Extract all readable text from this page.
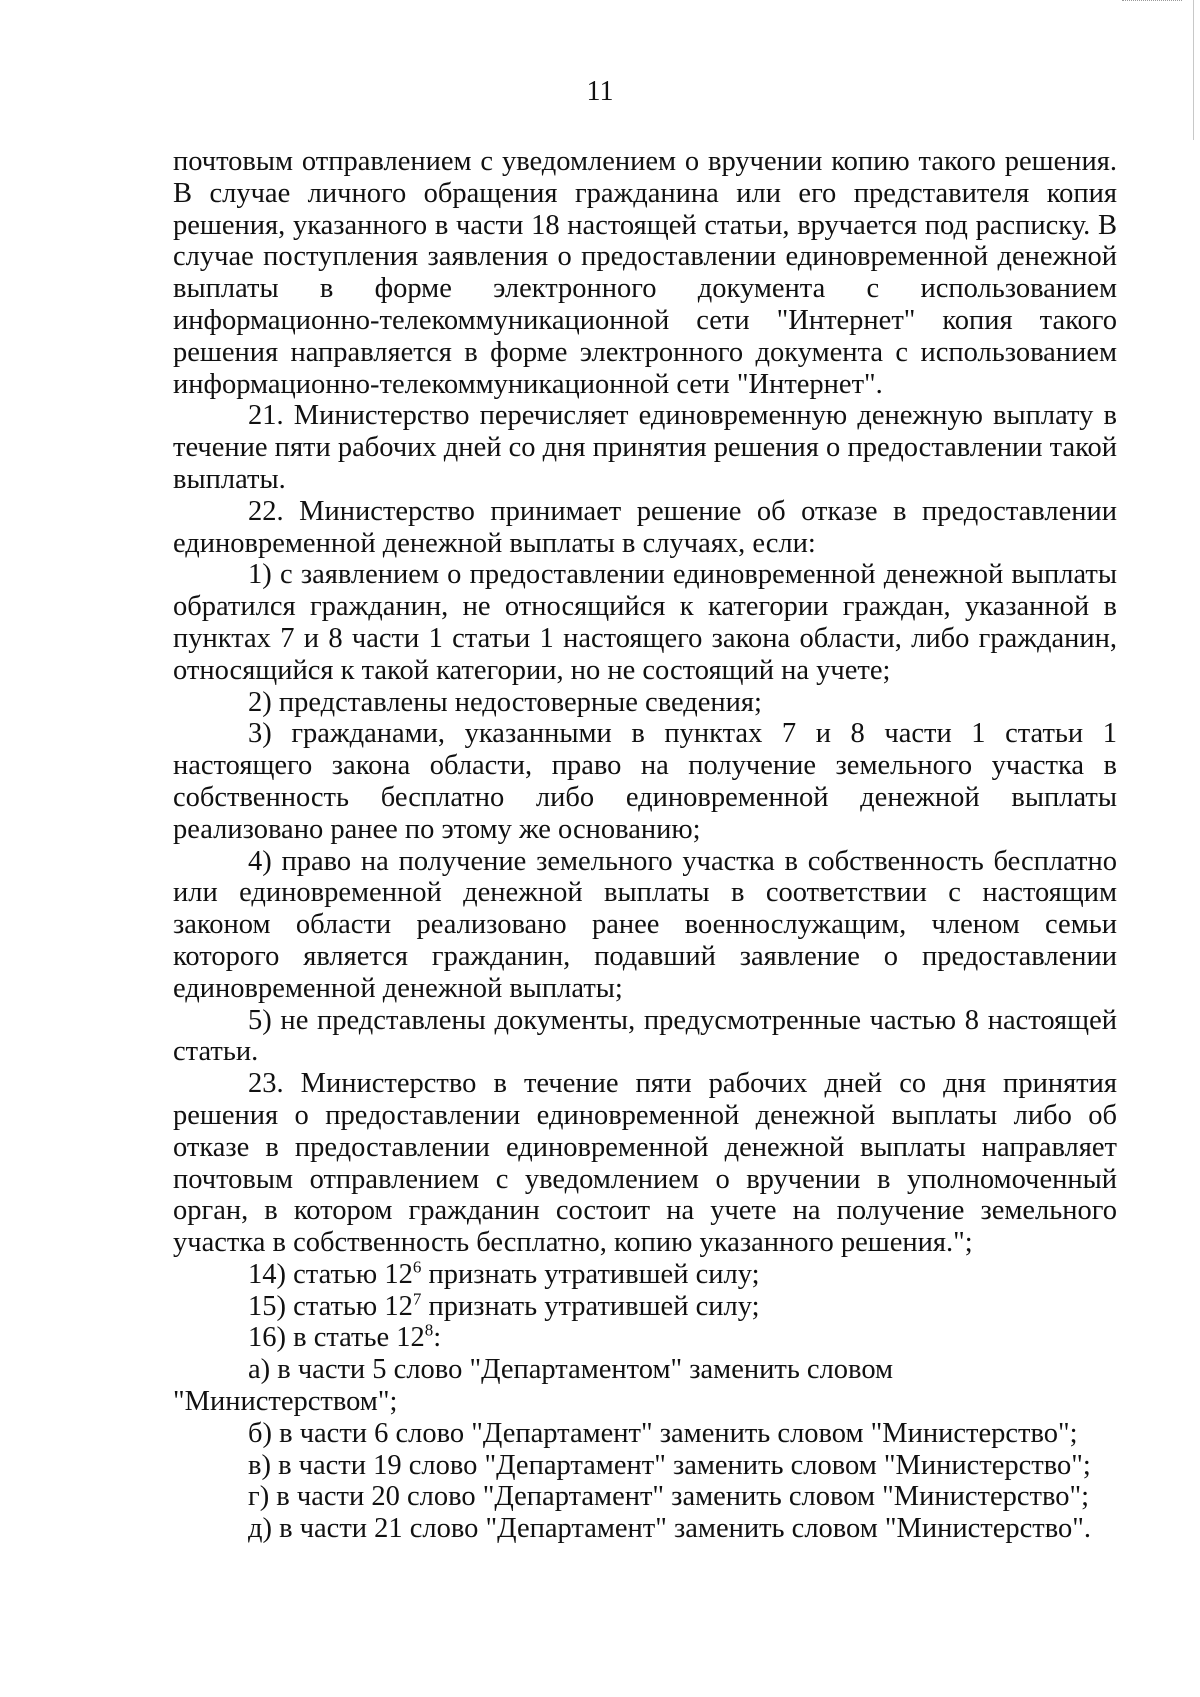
11

почтовым отправлением с уведомлением о вручении копию такого решения. В случае личного обращения гражданина или его представителя копия решения, указанного в части 18 настоящей статьи, вручается под расписку. В случае поступления заявления о предоставлении единовременной денежной выплаты в форме электронного документа с использованием информационно-телекоммуникационной сети "Интернет" копия такого решения направляется в форме электронного документа с использованием информационно-телекоммуникационной сети "Интернет".

21. Министерство перечисляет единовременную денежную выплату в течение пяти рабочих дней со дня принятия решения о предоставлении такой выплаты.

22. Министерство принимает решение об отказе в предоставлении единовременной денежной выплаты в случаях, если:

1) с заявлением о предоставлении единовременной денежной выплаты обратился гражданин, не относящийся к категории граждан, указанной в пунктах 7 и 8 части 1 статьи 1 настоящего закона области, либо гражданин, относящийся к такой категории, но не состоящий на учете;

2) представлены недостоверные сведения;

3) гражданами, указанными в пунктах 7 и 8 части 1 статьи 1 настоящего закона области, право на получение земельного участка в собственность бесплатно либо единовременной денежной выплаты реализовано ранее по этому же основанию;

4) право на получение земельного участка в собственность бесплатно или единовременной денежной выплаты в соответствии с настоящим законом области реализовано ранее военнослужащим, членом семьи которого является гражданин, подавший заявление о предоставлении единовременной денежной выплаты;

5) не представлены документы, предусмотренные частью 8 настоящей статьи.

23. Министерство в течение пяти рабочих дней со дня принятия решения о предоставлении единовременной денежной выплаты либо об отказе в предоставлении единовременной денежной выплаты направляет почтовым отправлением с уведомлением о вручении в уполномоченный орган, в котором гражданин состоит на учете на получение земельного участка в собственность бесплатно, копию указанного решения.";

14) статью $12^6$ признать утратившей силу;

15) статью $12^7$ признать утратившей силу;

16) в статье $12^8$:

а) в части 5 слово "Департаментом" заменить словом "Министерством";

б) в части 6 слово "Департамент" заменить словом "Министерство";

в) в части 19 слово "Департамент" заменить словом "Министерство";

г) в части 20 слово "Департамент" заменить словом "Министерство";

д) в части 21 слово "Департамент" заменить словом "Министерство".
